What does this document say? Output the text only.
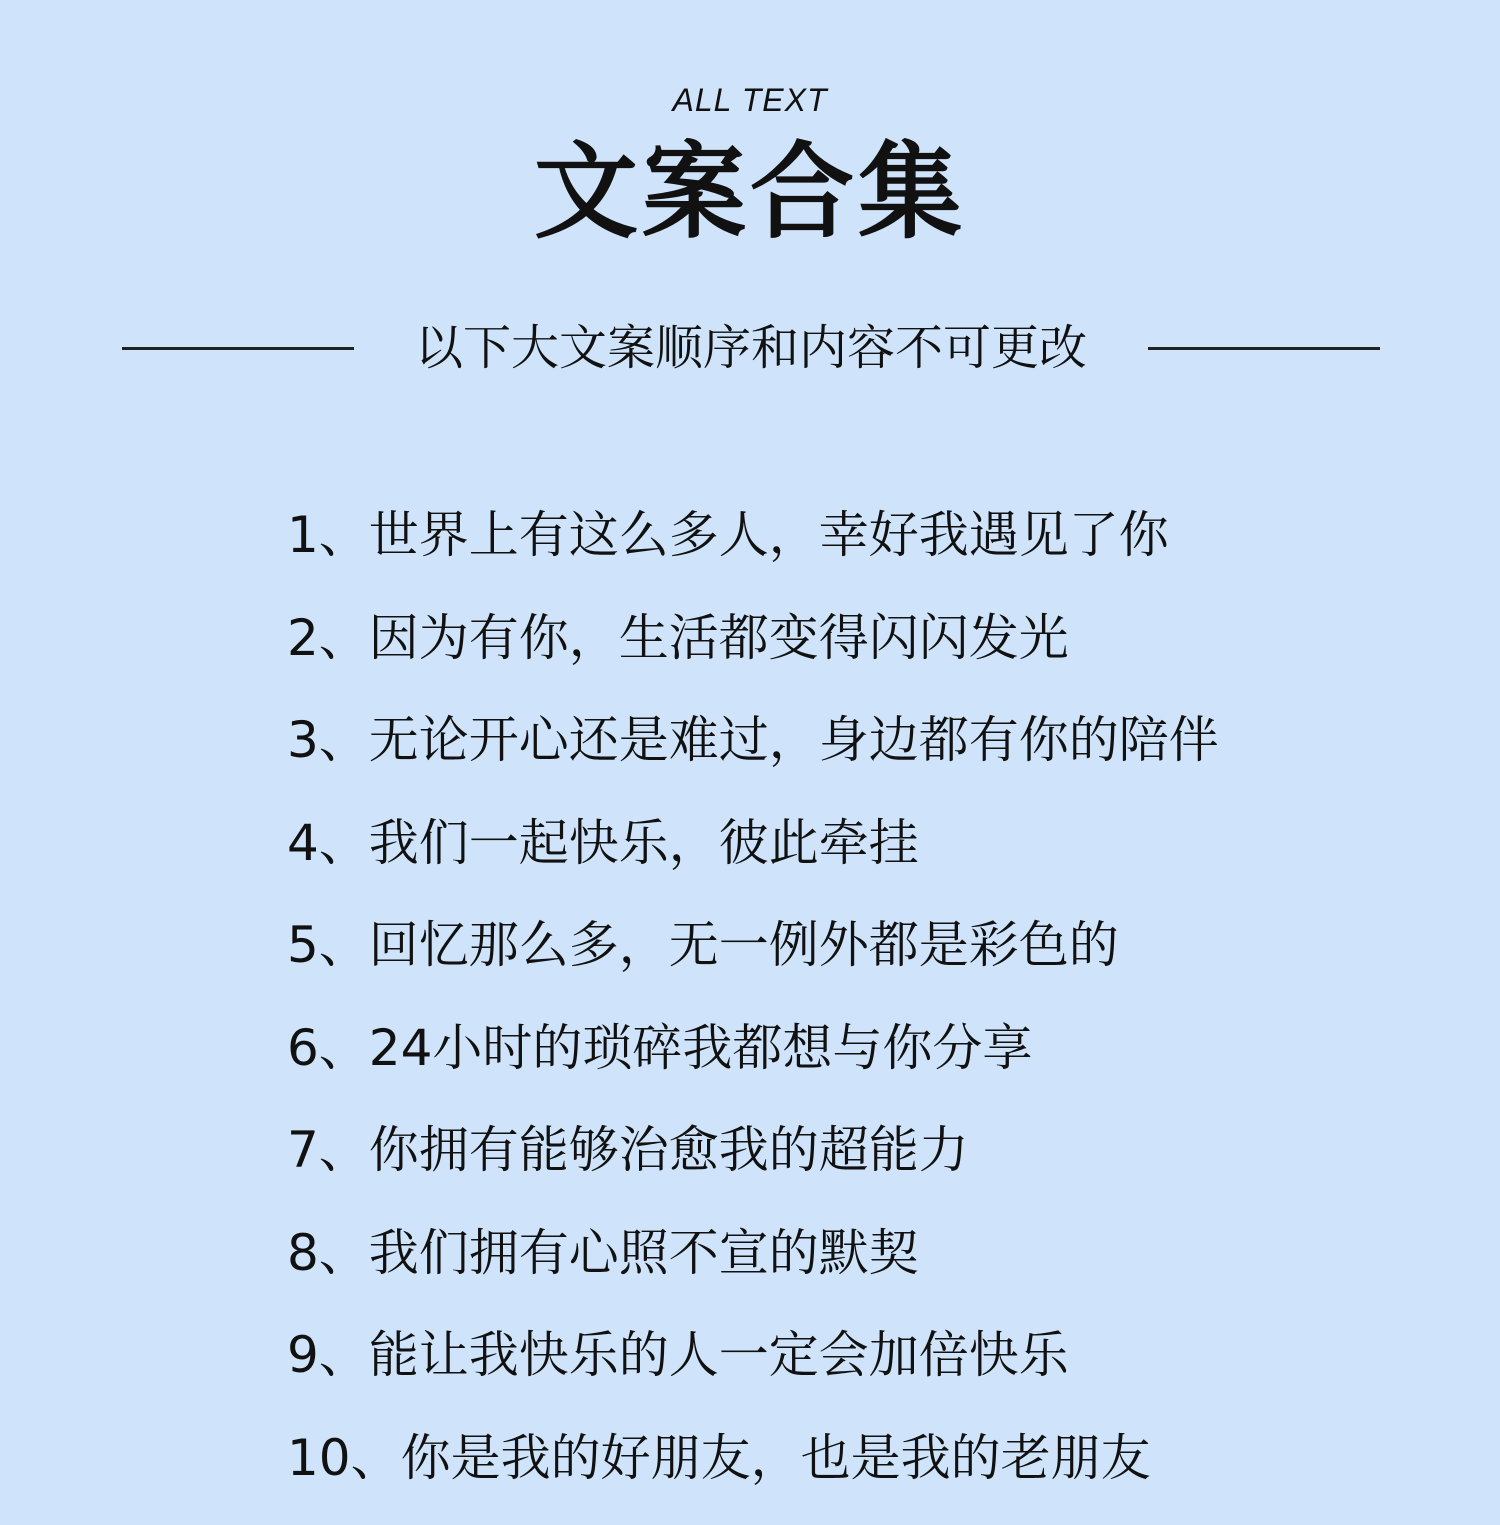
ALL TEXT
文案合集
以下大文案顺序和内容不可更改
1、世界上有这么多人，幸好我遇见了你
2、因为有你，生活都变得闪闪发光
3、无论开心还是难过，身边都有你的陪伴
4、我们一起快乐，彼此牵挂
5、回忆那么多，无一例外都是彩色的
6、24小时的琐碎我都想与你分享
7、你拥有能够治愈我的超能力
8、我们拥有心照不宣的默契
9、能让我快乐的人一定会加倍快乐
10、你是我的好朋友，也是我的老朋友
